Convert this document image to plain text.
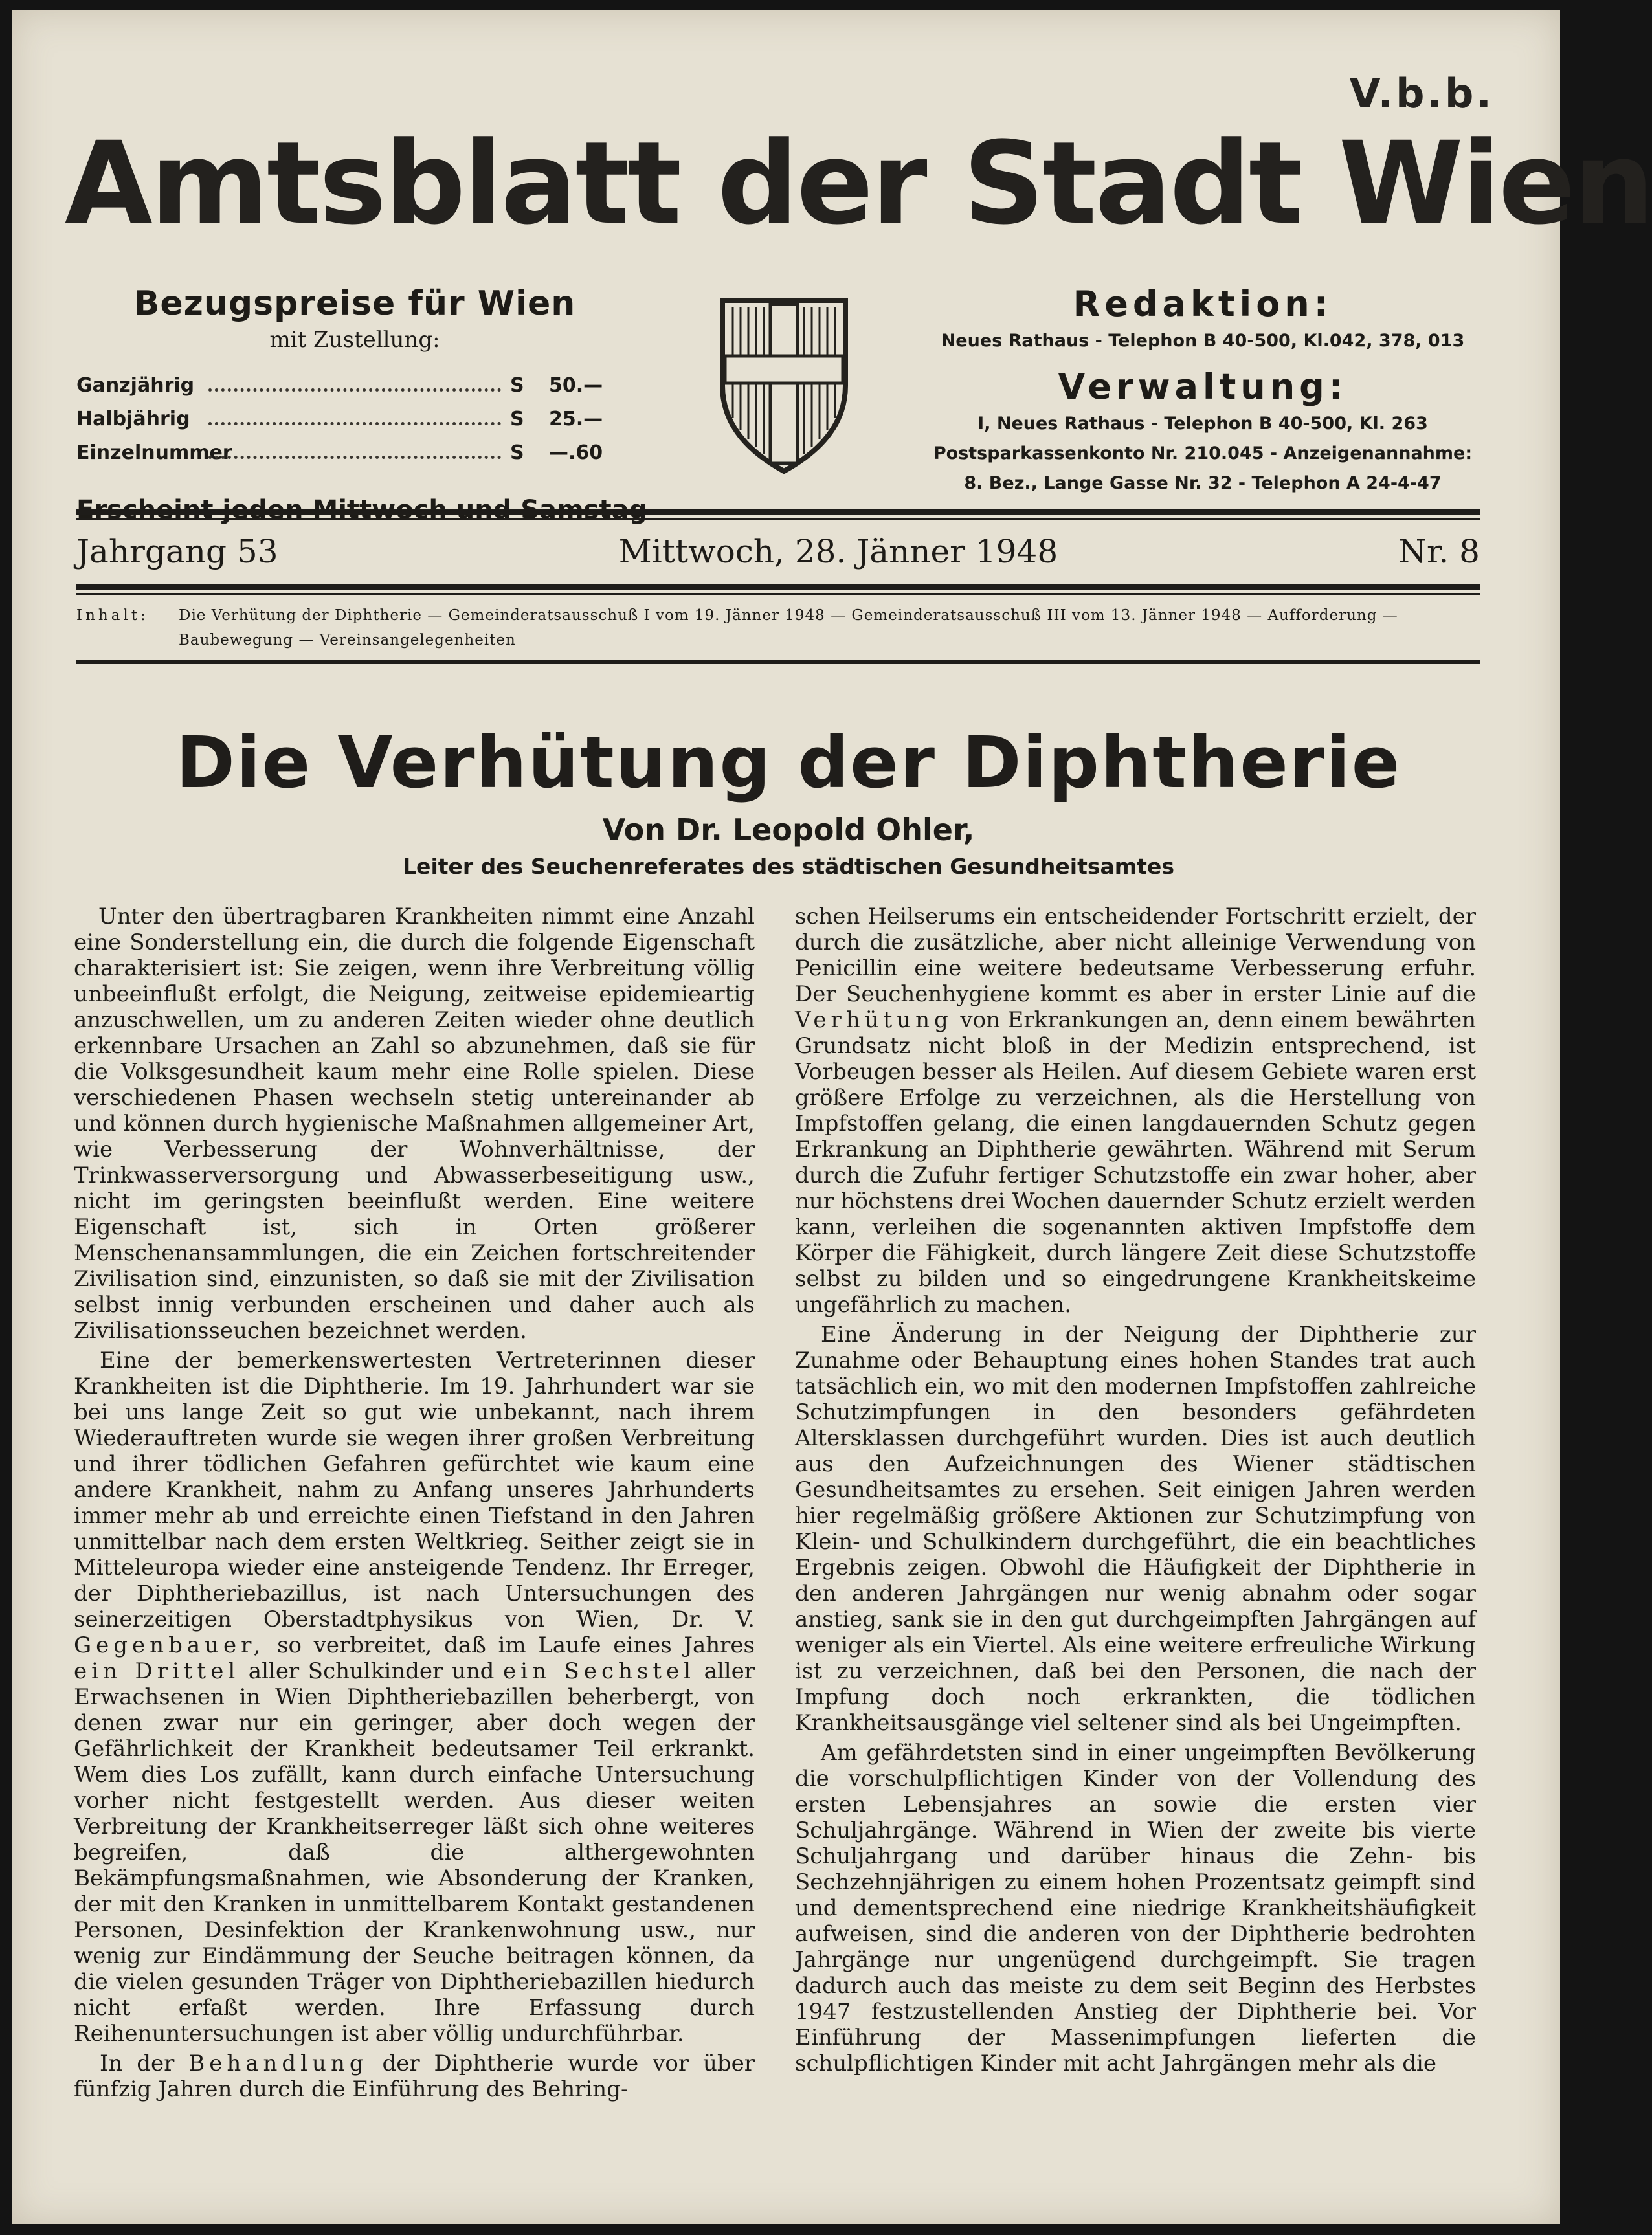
V.b.b.
Amtsblatt der Stadt Wien
Bezugspreise für Wien
mit Zustellung:
Ganzjährig	S	50.—
Halbjährig	S	25.—
Einzelnummer	S	—.60
Redaktion:
Neues Rathaus - Telephon B 40-500, Kl.042, 378, 013
Verwaltung:
I, Neues Rathaus - Telephon B 40-500, Kl. 263
Postsparkassenkonto Nr. 210.045 - Anzeigenannahme:
8. Bez., Lange Gasse Nr. 32 - Telephon A 24-4-47
Jahrgang 53	Mittwoch, 28. Jänner 1948	Nr. 8
Inhalt:	Die Verhütung der Diphtherie — Gemeinderatsausschuß I vom 19. Jänner 1948 — Gemeinderatsausschuß III vom 13. Jänner 1948 — Aufforderung — Baubewegung — Vereinsangelegenheiten
Die Verhütung der Diphtherie
Von Dr. Leopold Ohler,
Leiter des Seuchenreferates des städtischen Gesundheitsamtes

Unter den übertragbaren Krankheiten nimmt eine Anzahl eine Sonderstellung ein, die durch die folgende Eigenschaft charakterisiert ist: Sie zeigen, wenn ihre Verbreitung völlig unbeeinflußt erfolgt, die Neigung, zeitweise epidemieartig anzuschwellen, um zu anderen Zeiten wieder ohne deutlich erkennbare Ursachen an Zahl so abzunehmen, daß sie für die Volksgesundheit kaum mehr eine Rolle spielen. Diese verschiedenen Phasen wechseln stetig untereinander ab und können durch hygienische Maßnahmen allgemeiner Art, wie Verbesserung der Wohnverhältnisse, der Trinkwasserversorgung und Abwasserbeseitigung usw., nicht im geringsten beeinflußt werden. Eine weitere Eigenschaft ist, sich in Orten größerer Menschenansammlungen, die ein Zeichen fortschreitender Zivilisation sind, einzunisten, so daß sie mit der Zivilisation selbst innig verbunden erscheinen und daher auch als Zivilisationsseuchen bezeichnet werden.

Eine der bemerkenswertesten Vertreterinnen dieser Krankheiten ist die Diphtherie. Im 19. Jahrhundert war sie bei uns lange Zeit so gut wie unbekannt, nach ihrem Wiederauftreten wurde sie wegen ihrer großen Verbreitung und ihrer tödlichen Gefahren gefürchtet wie kaum eine andere Krankheit, nahm zu Anfang unseres Jahrhunderts immer mehr ab und erreichte einen Tiefstand in den Jahren unmittelbar nach dem ersten Weltkrieg. Seither zeigt sie in Mitteleuropa wieder eine ansteigende Tendenz. Ihr Erreger, der Diphtheriebazillus, ist nach Untersuchungen des seinerzeitigen Oberstadtphysikus von Wien, Dr. V. Gegenbauer, so verbreitet, daß im Laufe eines Jahres ein Drittel aller Schulkinder und ein Sechstel aller Erwachsenen in Wien Diphtheriebazillen beherbergt, von denen zwar nur ein geringer, aber doch wegen der Gefährlichkeit der Krankheit bedeutsamer Teil erkrankt. Wem dies Los zufällt, kann durch einfache Untersuchung vorher nicht festgestellt werden. Aus dieser weiten Verbreitung der Krankheitserreger läßt sich ohne weiteres begreifen, daß die althergewohnten Bekämpfungsmaßnahmen, wie Absonderung der Kranken, der mit den Kranken in unmittelbarem Kontakt gestandenen Personen, Desinfektion der Krankenwohnung usw., nur wenig zur Eindämmung der Seuche beitragen können, da die vielen gesunden Träger von Diphtheriebazillen hiedurch nicht erfaßt werden. Ihre Erfassung durch Reihenuntersuchungen ist aber völlig undurchführbar.

In der Behandlung der Diphtherie wurde vor über fünfzig Jahren durch die Einführung des Behring-

schen Heilserums ein entscheidender Fortschritt erzielt, der durch die zusätzliche, aber nicht alleinige Verwendung von Penicillin eine weitere bedeutsame Verbesserung erfuhr. Der Seuchenhygiene kommt es aber in erster Linie auf die Verhütung von Erkrankungen an, denn einem bewährten Grundsatz nicht bloß in der Medizin entsprechend, ist Vorbeugen besser als Heilen. Auf diesem Gebiete waren erst größere Erfolge zu verzeichnen, als die Herstellung von Impfstoffen gelang, die einen langdauernden Schutz gegen Erkrankung an Diphtherie gewährten. Während mit Serum durch die Zufuhr fertiger Schutzstoffe ein zwar hoher, aber nur höchstens drei Wochen dauernder Schutz erzielt werden kann, verleihen die sogenannten aktiven Impfstoffe dem Körper die Fähigkeit, durch längere Zeit diese Schutzstoffe selbst zu bilden und so eingedrungene Krankheitskeime ungefährlich zu machen.

Eine Änderung in der Neigung der Diphtherie zur Zunahme oder Behauptung eines hohen Standes trat auch tatsächlich ein, wo mit den modernen Impfstoffen zahlreiche Schutzimpfungen in den besonders gefährdeten Altersklassen durchgeführt wurden. Dies ist auch deutlich aus den Aufzeichnungen des Wiener städtischen Gesundheitsamtes zu ersehen. Seit einigen Jahren werden hier regelmäßig größere Aktionen zur Schutzimpfung von Klein- und Schulkindern durchgeführt, die ein beachtliches Ergebnis zeigen. Obwohl die Häufigkeit der Diphtherie in den anderen Jahrgängen nur wenig abnahm oder sogar anstieg, sank sie in den gut durchgeimpften Jahrgängen auf weniger als ein Viertel. Als eine weitere erfreuliche Wirkung ist zu verzeichnen, daß bei den Personen, die nach der Impfung doch noch erkrankten, die tödlichen Krankheitsausgänge viel seltener sind als bei Ungeimpften.

Am gefährdetsten sind in einer ungeimpften Bevölkerung die vorschulpflichtigen Kinder von der Vollendung des ersten Lebensjahres an sowie die ersten vier Schuljahrgänge. Während in Wien der zweite bis vierte Schuljahrgang und darüber hinaus die Zehn- bis Sechzehnjährigen zu einem hohen Prozentsatz geimpft sind und dementsprechend eine niedrige Krankheitshäufigkeit aufweisen, sind die anderen von der Diphtherie bedrohten Jahrgänge nur ungenügend durchgeimpft. Sie tragen dadurch auch das meiste zu dem seit Beginn des Herbstes 1947 festzustellenden Anstieg der Diphtherie bei. Vor Einführung der Massenimpfungen lieferten die schulpflichtigen Kinder mit acht Jahrgängen mehr als die
